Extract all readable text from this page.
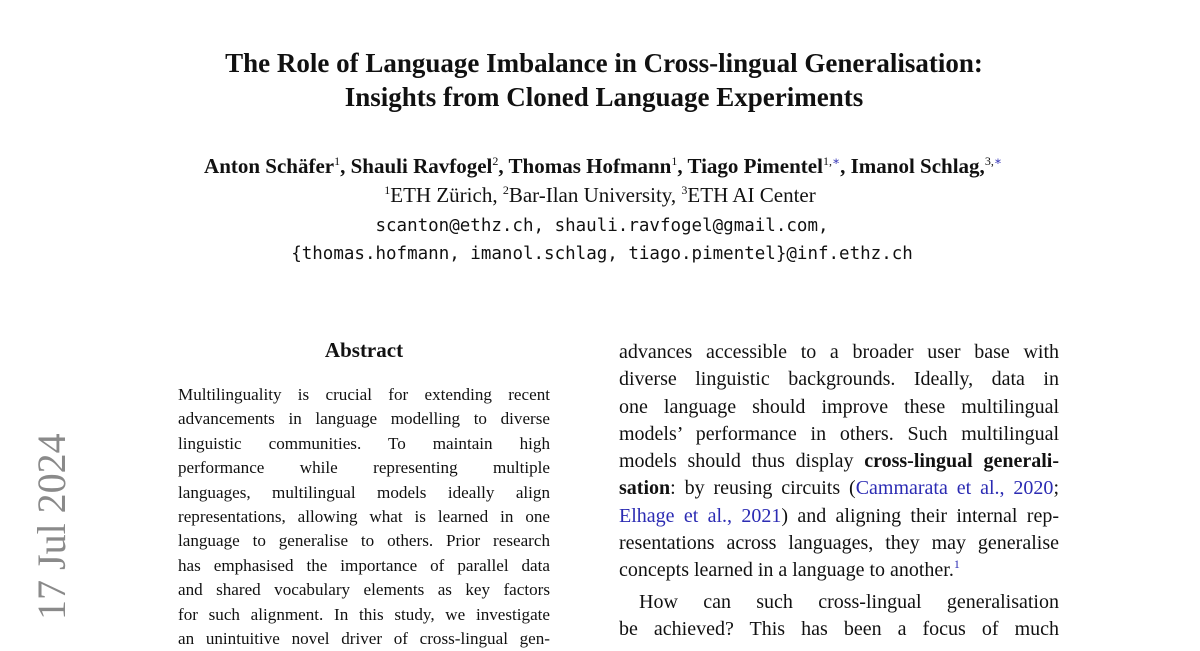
The Role of Language Imbalance in Cross-lingual Generalisation:
Insights from Cloned Language Experiments
Anton Schäfer$^1$, Shauli Ravfogel$^2$, Thomas Hofmann$^1$, Tiago Pimentel$^{1,∗}$, Imanol Schlag,$^{3,∗}$
$^1$ETH Zürich, $^2$Bar-Ilan University, $^3$ETH AI Center
scanton@ethz.ch, shauli.ravfogel@gmail.com,
{thomas.hofmann, imanol.schlag, tiago.pimentel}@inf.ethz.ch
17 Jul 2024
Abstract
Multilinguality is crucial for extending recent
advancements in language modelling to diverse
linguistic communities. To maintain high
performance while representing multiple
languages, multilingual models ideally align
representations, allowing what is learned in one
language to generalise to others. Prior research
has emphasised the importance of parallel data
and shared vocabulary elements as key factors
for such alignment. In this study, we investigate
an unintuitive novel driver of cross-lingual gen-
advances accessible to a broader user base with
diverse linguistic backgrounds. Ideally, data in
one language should improve these multilingual
models’ performance in others. Such multilingual
models should thus display cross-lingual generali-
sation: by reusing circuits (Cammarata et al., 2020;
Elhage et al., 2021) and aligning their internal rep-
resentations across languages, they may generalise
concepts learned in a language to another.$^1$
How can such cross-lingual generalisation
be achieved? This has been a focus of much
